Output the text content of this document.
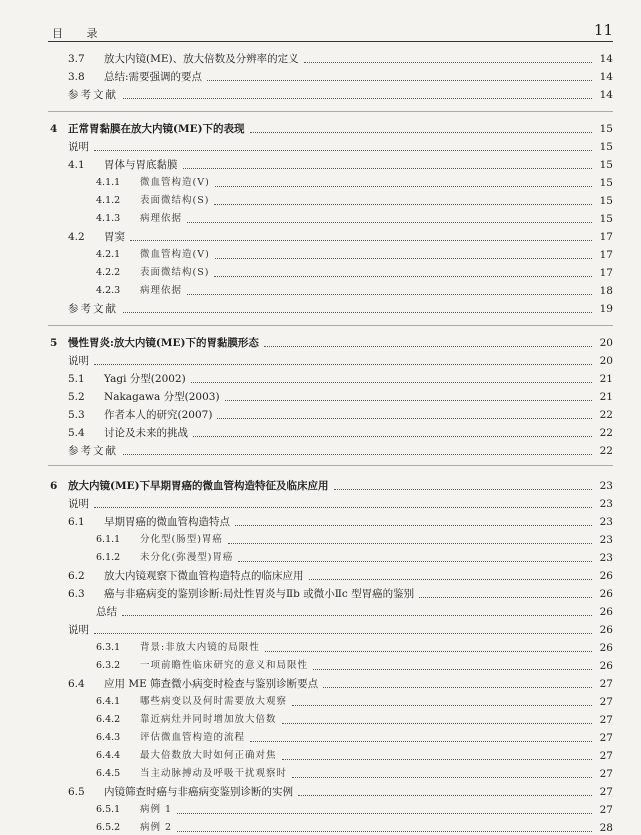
目 录	11
3.7	放大内镜(ME)、放大倍数及分辨率的定义	14
3.8	总结:需要强调的要点	14
参考文献	14
4	正常胃黏膜在放大内镜(ME)下的表现	15
说明	15
4.1	胃体与胃底黏膜	15
4.1.1	微血管构造(V)	15
4.1.2	表面微结构(S)	15
4.1.3	病理依据	15
4.2	胃窦	17
4.2.1	微血管构造(V)	17
4.2.2	表面微结构(S)	17
4.2.3	病理依据	18
参考文献	19
5	慢性胃炎:放大内镜(ME)下的胃黏膜形态	20
说明	20
5.1	Yagi 分型(2002)	21
5.2	Nakagawa 分型(2003)	21
5.3	作者本人的研究(2007)	22
5.4	讨论及未来的挑战	22
参考文献	22
6	放大内镜(ME)下早期胃癌的微血管构造特征及临床应用	23
说明	23
6.1	早期胃癌的微血管构造特点	23
6.1.1	分化型(肠型)胃癌	23
6.1.2	未分化(弥漫型)胃癌	23
6.2	放大内镜观察下微血管构造特点的临床应用	26
6.3	癌与非癌病变的鉴别诊断:局灶性胃炎与Ⅱb 或微小Ⅱc 型胃癌的鉴别	26
总结	26
说明	26
6.3.1	背景:非放大内镜的局限性	26
6.3.2	一项前瞻性临床研究的意义和局限性	26
6.4	应用 ME 筛查微小病变时检查与鉴别诊断要点	27
6.4.1	哪些病变以及何时需要放大观察	27
6.4.2	靠近病灶并同时增加放大倍数	27
6.4.3	评估微血管构造的流程	27
6.4.4	最大倍数放大时如何正确对焦	27
6.4.5	当主动脉搏动及呼吸干扰观察时	27
6.5	内镜筛查时癌与非癌病变鉴别诊断的实例	27
6.5.1	病例 1	27
6.5.2	病例 2	28
